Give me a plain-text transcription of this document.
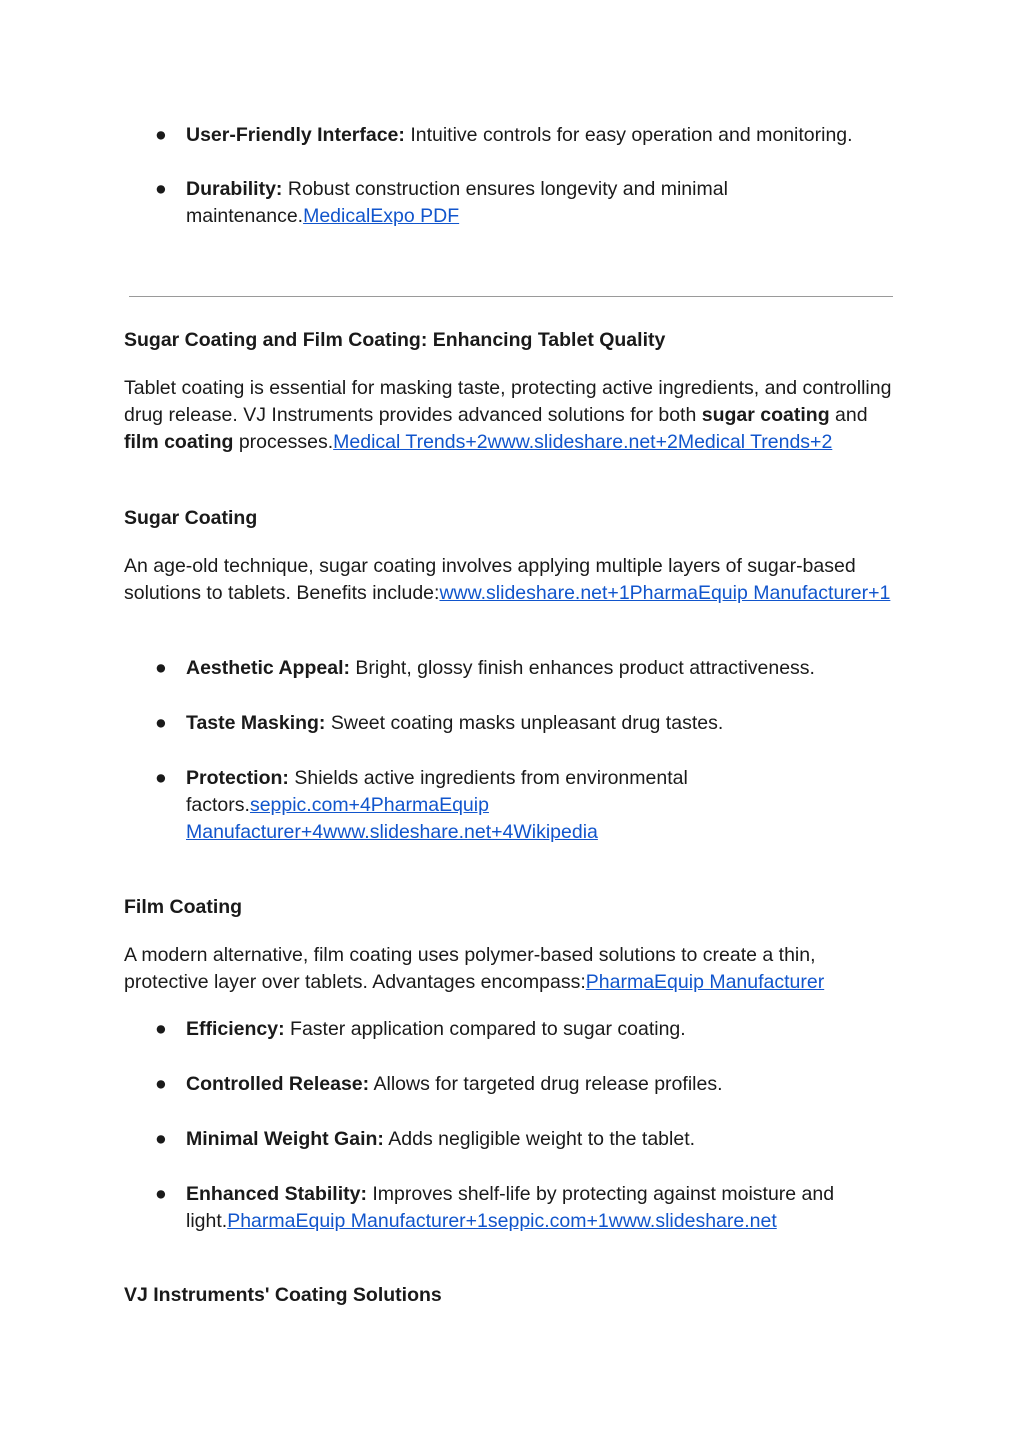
● User-Friendly Interface: Intuitive controls for easy operation and monitoring.
● Durability: Robust construction ensures longevity and minimal maintenance.MedicalExpo PDF
Sugar Coating and Film Coating: Enhancing Tablet Quality

Tablet coating is essential for masking taste, protecting active ingredients, and controlling drug release. VJ Instruments provides advanced solutions for both sugar coating and film coating processes.Medical Trends+2www.slideshare.net+2Medical Trends+2

Sugar Coating

An age-old technique, sugar coating involves applying multiple layers of sugar-based solutions to tablets. Benefits include:www.slideshare.net+1PharmaEquip Manufacturer+1

● Aesthetic Appeal: Bright, glossy finish enhances product attractiveness.
● Taste Masking: Sweet coating masks unpleasant drug tastes.
● Protection: Shields active ingredients from environmental factors.seppic.com+4PharmaEquip Manufacturer+4www.slideshare.net+4Wikipedia
Film Coating

A modern alternative, film coating uses polymer-based solutions to create a thin, protective layer over tablets. Advantages encompass:PharmaEquip Manufacturer

● Efficiency: Faster application compared to sugar coating.
● Controlled Release: Allows for targeted drug release profiles.
● Minimal Weight Gain: Adds negligible weight to the tablet.
● Enhanced Stability: Improves shelf-life by protecting against moisture and light.PharmaEquip Manufacturer+1seppic.com+1www.slideshare.net
VJ Instruments' Coating Solutions
